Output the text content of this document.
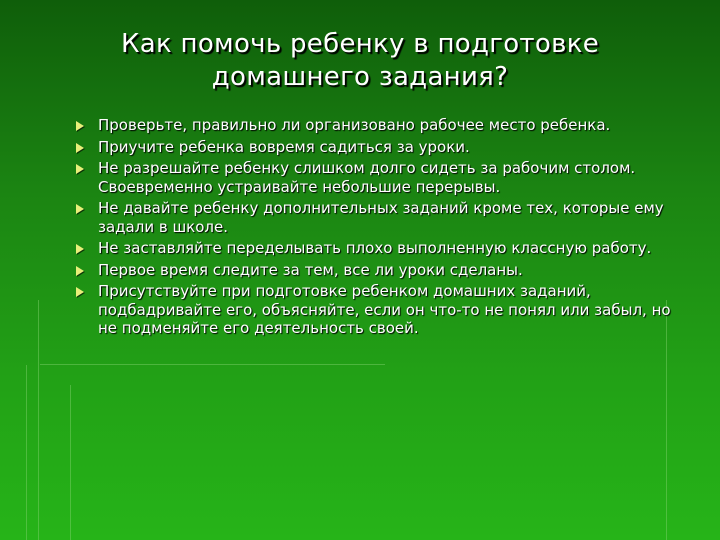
Как помочь ребенку в подготовке домашнего задания?
Проверьте, правильно ли организовано рабочее место ребенка.
Приучите ребенка вовремя садиться за уроки.
Не разрешайте ребенку слишком долго сидеть за рабочим столом. Своевременно устраивайте небольшие перерывы.
Не давайте ребенку дополнительных заданий кроме тех, которые ему задали в школе.
Не заставляйте переделывать плохо выполненную классную работу.
Первое время следите за тем, все ли уроки сделаны.
Присутствуйте при подготовке ребенком домашних заданий, подбадривайте его, объясняйте, если он что-то не понял или забыл, но не подменяйте его деятельность своей.
